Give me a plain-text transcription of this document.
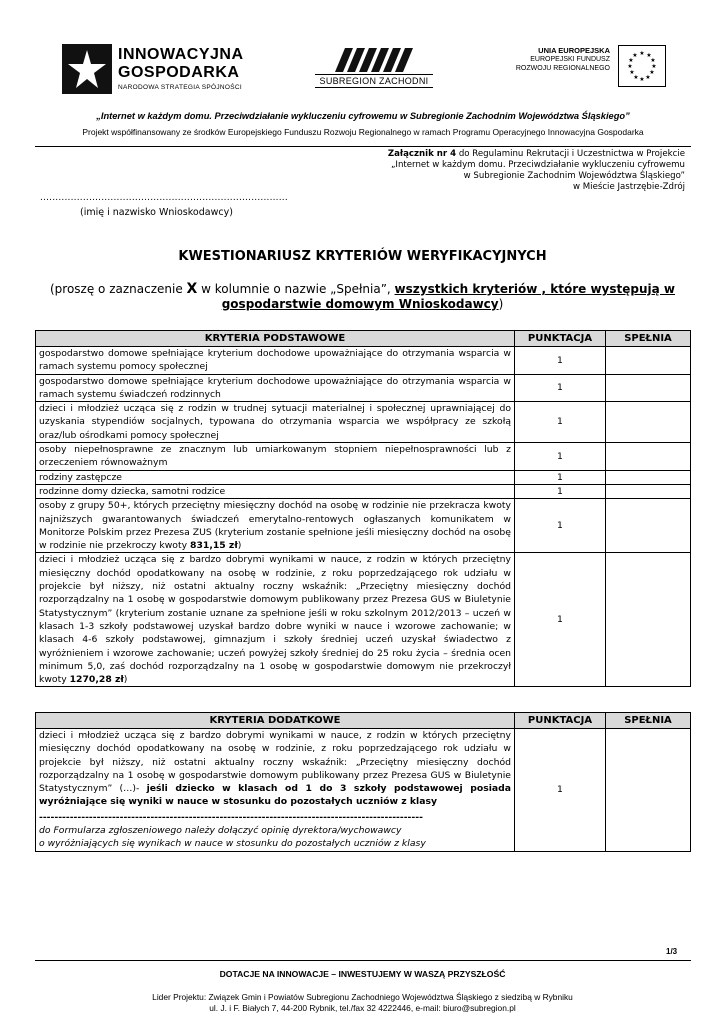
INNOWACYJNA
GOSPODARKA
NARODOWA STRATEGIA SPÓJNOŚCI
SUBREGION ZACHODNI
UNIA EUROPEJSKA
EUROPEJSKI FUNDUSZ
ROZWOJU REGIONALNEGO
★ ★
★
★
★
★
★
★
★
★
★
★
„Internet w każdym domu. Przeciwdziałanie wykluczeniu cyfrowemu w Subregionie Zachodnim Województwa Śląskiego”
Projekt współfinansowany ze środków Europejskiego Funduszu Rozwoju Regionalnego w ramach Programu Operacyjnego Innowacyjna Gospodarka
Załącznik nr 4 do Regulaminu Rekrutacji i Uczestnictwa w Projekcie
„Internet w każdym domu. Przeciwdziałanie wykluczeniu cyfrowemu
w Subregionie Zachodnim Województwa Śląskiego”
w Mieście Jastrzębie-Zdrój
.................................................................................
(imię i nazwisko Wnioskodawcy)
KWESTIONARIUSZ KRYTERIÓW WERYFIKACYJNYCH
(proszę o zaznaczenie X w kolumnie o nazwie „Spełnia”, wszystkich kryteriów , które występują w gospodarstwie domowym Wnioskodawcy)
KRYTERIA PODSTAWOWE	PUNKTACJA	SPEŁNIA
gospodarstwo domowe spełniające kryterium dochodowe upoważniające do otrzymania wsparcia w ramach systemu pomocy społecznej	1	
gospodarstwo domowe spełniające kryterium dochodowe upoważniające do otrzymania wsparcia w ramach systemu świadczeń rodzinnych	1	
dzieci i młodzież ucząca się z rodzin w trudnej sytuacji materialnej i społecznej uprawniającej do uzyskania stypendiów socjalnych, typowana do otrzymania wsparcia we współpracy ze szkołą oraz/lub ośrodkami pomocy społecznej	1	
osoby niepełnosprawne ze znacznym lub umiarkowanym stopniem niepełnosprawności lub z orzeczeniem równoważnym	1	
rodziny zastępcze	1	
rodzinne domy dziecka, samotni rodzice	1	
osoby z grupy 50+, których przeciętny miesięczny dochód na osobę w rodzinie nie przekracza kwoty najniższych gwarantowanych świadczeń emerytalno-rentowych ogłaszanych komunikatem w Monitorze Polskim przez Prezesa ZUS (kryterium zostanie spełnione jeśli miesięczny dochód na osobę w rodzinie nie przekroczy kwoty 831,15 zł)	1	
dzieci i młodzież ucząca się z bardzo dobrymi wynikami w nauce, z rodzin w których przeciętny miesięczny dochód opodatkowany na osobę w rodzinie, z roku poprzedzającego rok udziału w projekcie był niższy, niż ostatni aktualny roczny wskaźnik: „Przeciętny miesięczny dochód rozporządzalny na 1 osobę w gospodarstwie domowym publikowany przez Prezesa GUS w Biuletynie Statystycznym” (kryterium zostanie uznane za spełnione jeśli w roku szkolnym 2012/2013 – uczeń w klasach 1-3 szkoły podstawowej uzyskał bardzo dobre wyniki w nauce i wzorowe zachowanie; w klasach 4-6 szkoły podstawowej, gimnazjum i szkoły średniej uczeń uzyskał świadectwo z wyróżnieniem i wzorowe zachowanie; uczeń powyżej szkoły średniej do 25 roku życia – średnia ocen minimum 5,0, zaś dochód rozporządzalny na 1 osobę w gospodarstwie domowym nie przekroczył kwoty 1270,28 zł)	1	
KRYTERIA DODATKOWE	PUNKTACJA	SPEŁNIA
dzieci i młodzież ucząca się z bardzo dobrymi wynikami w nauce, z rodzin w których przeciętny miesięczny dochód opodatkowany na osobę w rodzinie, z roku poprzedzającego rok udziału w projekcie był niższy, niż ostatni aktualny roczny wskaźnik: „Przeciętny miesięczny dochód rozporządzalny na 1 osobę w gospodarstwie domowym publikowany przez Prezesa GUS w Biuletynie Statystycznym” (…)- jeśli dziecko w klasach od 1 do 3 szkoły podstawowej posiada wyróżniające się wyniki w nauce w stosunku do pozostałych uczniów z klasy
----------------------------------------------------------------------------------------------------
do Formularza zgłoszeniowego należy dołączyć opinię dyrektora/wychowawcy
o wyróżniających się wynikach w nauce w stosunku do pozostałych uczniów z klasy	1	
1/3
DOTACJE NA INNOWACJE – INWESTUJEMY W WASZĄ PRZYSZŁOŚĆ
Lider Projektu: Związek Gmin i Powiatów Subregionu Zachodniego Województwa Śląskiego z siedzibą w Rybniku
ul. J. i F. Białych 7, 44-200 Rybnik, tel./fax 32 4222446, e-mail: biuro@subregion.pl
